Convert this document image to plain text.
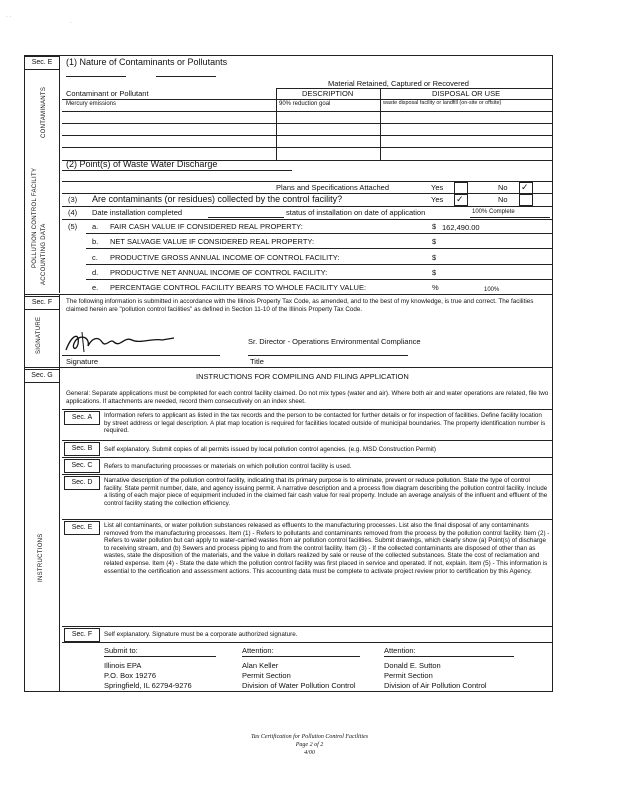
· ·
·
Sec. E	(1) Nature of Contaminants or Pollutants
POLLUTION CONTROL FACILITY
CONTAMINANTS
ACCOUNTING DATA
Material Retained, Captured or Recovered
Contaminant or Pollutant	DESCRIPTION	DISPOSAL OR USE
Mercury emissions	90% reduction goal	waste disposal facility or landfill (on-site or offsite)
(2) Point(s) of Waste Water Discharge
Plans and Specifications Attached	Yes	No ✓
(3) Are contaminants (or residues) collected by the control facility?	Yes ✓	No
(4) Date installation completed	status of installation on date of application	100% Complete
(5) a. FAIR CASH VALUE IF CONSIDERED REAL PROPERTY:	$ 162,490.00
b. NET SALVAGE VALUE IF CONSIDERED REAL PROPERTY:	$
c. PRODUCTIVE GROSS ANNUAL INCOME OF CONTROL FACILITY:	$
d. PRODUCTIVE NET ANNUAL INCOME OF CONTROL FACILITY:	$
e. PERCENTAGE CONTROL FACILITY BEARS TO WHOLE FACILITY VALUE:	%	100%
Sec. F	The following information is submitted in accordance with the Illinois Property Tax Code, as amended, and to the best of my knowledge, is true and correct. The facilities claimed herein are "pollution control facilities" as defined in Section 11-10 of the Illinois Property Tax Code.
SIGNATURE	Sr. Director - Operations Environmental Compliance
Signature	Title
Sec. G
INSTRUCTIONS
INSTRUCTIONS FOR COMPILING AND FILING APPLICATION
General: Separate applications must be completed for each control facility claimed. Do not mix types (water and air). Where both air and water operations are related, file two applications. If attachments are needed, record them consecutively on an index sheet.
Sec. A	Information refers to applicant as listed in the tax records and the person to be contacted for further details or for inspection of facilities. Define facility location by street address or legal description. A plat map location is required for facilities located outside of municipal boundaries. The property identification number is required.
Sec. B	Self explanatory. Submit copies of all permits issued by local pollution control agencies. (e.g. MSD Construction Permit)
Sec. C	Refers to manufacturing processes or materials on which pollution control facility is used.
Sec. D	Narrative description of the pollution control facility, indicating that its primary purpose is to eliminate, prevent or reduce pollution. State the type of control facility. State permit number, date, and agency issuing permit. A narrative description and a process flow diagram describing the pollution control facility. Include a listing of each major piece of equipment included in the claimed fair cash value for real property. Include an average analysis of the influent and effluent of the control facility stating the collection efficiency.
Sec. E	List all contaminants, or water pollution substances released as effluents to the manufacturing processes. List also the final disposal of any contaminants removed from the manufacturing processes. Item (1) - Refers to pollutants and contaminants removed from the process by the pollution control facility. Item (2) - Refers to water pollution but can apply to water-carried wastes from air pollution control facilities. Submit drawings, which clearly show (a) Point(s) of discharge to receiving stream, and (b) Sewers and process piping to and from the control facility. Item (3) - If the collected contaminants are disposed of other than as wastes, state the disposition of the materials, and the value in dollars realized by sale or reuse of the collected substances. State the cost of reclamation and related expense. Item (4) - State the date which the pollution control facility was first placed in service and operated. If not, explain. Item (5) - This information is essential to the certification and assessment actions. This accounting data must be complete to activate project review prior to certification by this Agency.
Sec. F	Self explanatory. Signature must be a corporate authorized signature.
Submit to:	Attention:	Attention:
Illinois EPA
P.O. Box 19276
Springfield, IL 62794-9276
Alan Keller
Permit Section
Division of Water Pollution Control
Donald E. Sutton
Permit Section
Division of Air Pollution Control
Tax Certification for Pollution Control Facilities
Page 2 of 2
4/00
